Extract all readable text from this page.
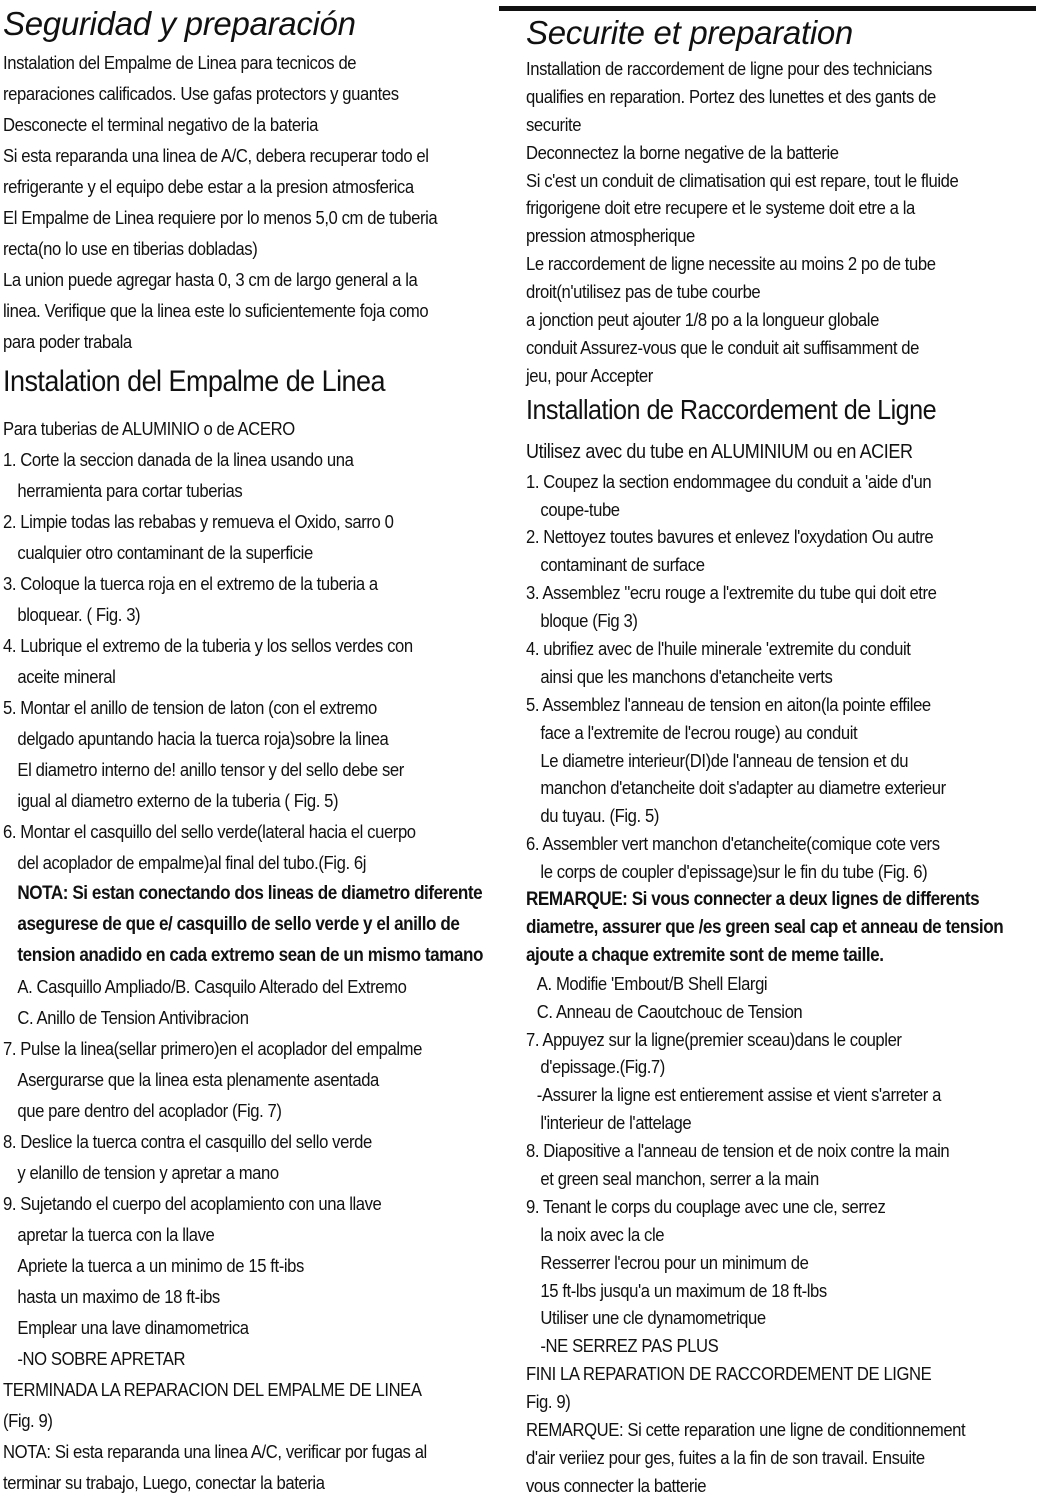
Seguridad y preparación
Instalation del Empalme de Linea para tecnicos de
reparaciones calificados. Use gafas protectors y guantes
Desconecte el terminal negativo de la bateria
Si esta reparanda una linea de A/C, debera recuperar todo el
refrigerante y el equipo debe estar a la presion atmosferica
El Empalme de Linea requiere por lo menos 5,0 cm de tuberia
recta(no lo use en tiberias dobladas)
La union puede agregar hasta 0, 3 cm de largo general a la
linea. Verifique que la linea este lo suficientemente foja como
para poder trabala
Instalation del Empalme de Linea
Para tuberias de ALUMINIO o de ACERO
1. Corte la seccion danada de la linea usando una
herramienta para cortar tuberias
2. Limpie todas las rebabas y remueva el Oxido, sarro 0
cualquier otro contaminant de la superficie
3. Coloque la tuerca roja en el extremo de la tuberia a
bloquear. ( Fig. 3)
4. Lubrique el extremo de la tuberia y los sellos verdes con
aceite mineral
5. Montar el anillo de tension de laton (con el extremo
delgado apuntando hacia la tuerca roja)sobre la linea
El diametro interno de! anillo tensor y del sello debe ser
igual al diametro externo de la tuberia ( Fig. 5)
6. Montar el casquillo del sello verde(lateral hacia el cuerpo
del acoplador de empalme)al final del tubo.(Fig. 6j
NOTA: Si estan conectando dos lineas de diametro diferente
asegurese de que e/ casquillo de sello verde y el anillo de
tension anadido en cada extremo sean de un mismo tamano
A. Casquillo Ampliado/B. Casquilo Alterado del Extremo
C. Anillo de Tension Antivibracion
7. Pulse la linea(sellar primero)en el acoplador del empalme
Asergurarse que la linea esta plenamente asentada
que pare dentro del acoplador (Fig. 7)
8. Deslice la tuerca contra el casquillo del sello verde
y elanillo de tension y apretar a mano
9. Sujetando el cuerpo del acoplamiento con una llave
apretar la tuerca con la llave
Apriete la tuerca a un minimo de 15 ft-ibs
hasta un maximo de 18 ft-ibs
Emplear una lave dinamometrica
-NO SOBRE APRETAR
TERMINADA LA REPARACION DEL EMPALME DE LINEA
(Fig. 9)
NOTA: Si esta reparanda una linea A/C, verificar por fugas al
terminar su trabajo, Luego, conectar la bateria
Securite et preparation
Installation de raccordement de ligne pour des technicians
qualifies en reparation. Portez des lunettes et des gants de
securite
Deconnectez la borne negative de la batterie
Si c'est un conduit de climatisation qui est repare, tout le fluide
frigorigene doit etre recupere et le systeme doit etre a la
pression atmospherique
Le raccordement de ligne necessite au moins 2 po de tube
droit(n'utilisez pas de tube courbe
a jonction peut ajouter 1/8 po a la longueur globale
conduit Assurez-vous que le conduit ait suffisamment de
jeu, pour Accepter
Installation de Raccordement de Ligne
Utilisez avec du tube en ALUMINIUM ou en ACIER
1. Coupez la section endommagee du conduit a 'aide d'un
coupe-tube
2. Nettoyez toutes bavures et enlevez l'oxydation Ou autre
contaminant de surface
3. Assemblez "ecru rouge a l'extremite du tube qui doit etre
bloque (Fig 3)
4. ubrifiez avec de l'huile minerale 'extremite du conduit
ainsi que les manchons d'etancheite verts
5. Assemblez l'anneau de tension en aiton(la pointe effilee
face a l'extremite de l'ecrou rouge) au conduit
Le diametre interieur(DI)de l'anneau de tension et du
manchon d'etancheite doit s'adapter au diametre exterieur
du tuyau. (Fig. 5)
6. Assembler vert manchon d'etancheite(comique cote vers
le corps de coupler d'epissage)sur le fin du tube (Fig. 6)
REMARQUE: Si vous connecter a deux lignes de differents
diametre, assurer que /es green seal cap et anneau de tension
ajoute a chaque extremite sont de meme taille.
A. Modifie 'Embout/B Shell Elargi
C. Anneau de Caoutchouc de Tension
7. Appuyez sur la ligne(premier sceau)dans le coupler
d'epissage.(Fig.7)
-Assurer la ligne est entierement assise et vient s'arreter a
l'interieur de l'attelage
8. Diapositive a l'anneau de tension et de noix contre la main
et green seal manchon, serrer a la main
9. Tenant le corps du couplage avec une cle, serrez
la noix avec la cle
Resserrer l'ecrou pour un minimum de
15 ft-lbs jusqu'a un maximum de 18 ft-lbs
Utiliser une cle dynamometrique
-NE SERREZ PAS PLUS
FINI LA REPARATION DE RACCORDEMENT DE LIGNE
Fig. 9)
REMARQUE: Si cette reparation une ligne de conditionnement
d'air veriiez pour ges, fuites a la fin de son travail. Ensuite
vous connecter la batterie
